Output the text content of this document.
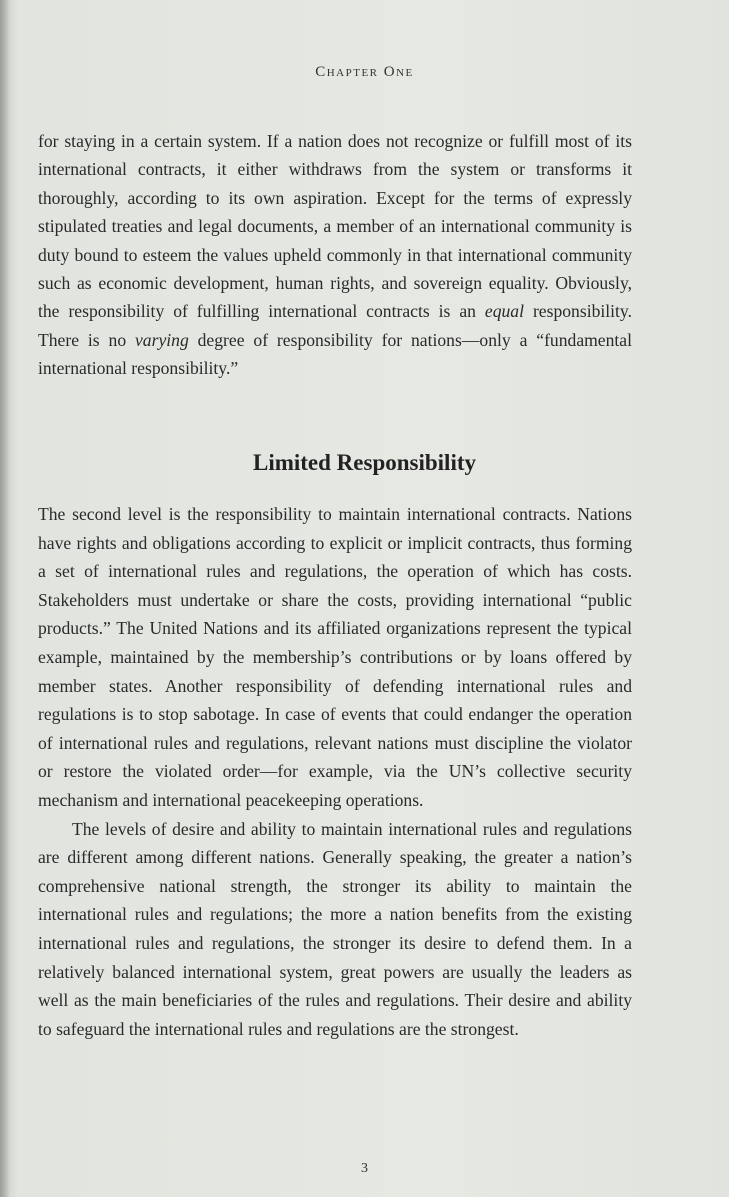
Chapter One

for staying in a certain system. If a nation does not recognize or fulfill most of its international contracts, it either withdraws from the system or transforms it thoroughly, according to its own aspiration. Except for the terms of expressly stipulated treaties and legal documents, a member of an international community is duty bound to esteem the values upheld commonly in that international community such as economic development, human rights, and sovereign equality. Obviously, the responsibility of fulfilling international contracts is an equal responsibility. There is no varying degree of responsibility for nations—only a “fundamental international responsibility.”

Limited Responsibility

The second level is the responsibility to maintain international contracts. Nations have rights and obligations according to explicit or implicit contracts, thus forming a set of international rules and regulations, the operation of which has costs. Stakeholders must undertake or share the costs, providing international “public products.” The United Nations and its affiliated organizations represent the typical example, maintained by the membership’s contributions or by loans offered by member states. Another responsibility of defending international rules and regulations is to stop sabotage. In case of events that could endanger the operation of international rules and regulations, relevant nations must discipline the violator or restore the violated order—for example, via the UN’s collective security mechanism and international peacekeeping operations.

The levels of desire and ability to maintain international rules and regulations are different among different nations. Generally speaking, the greater a nation’s comprehensive national strength, the stronger its ability to maintain the international rules and regulations; the more a nation benefits from the existing international rules and regulations, the stronger its desire to defend them. In a relatively balanced international system, great powers are usually the leaders as well as the main beneficiaries of the rules and regulations. Their desire and ability to safeguard the international rules and regulations are the strongest.

3
